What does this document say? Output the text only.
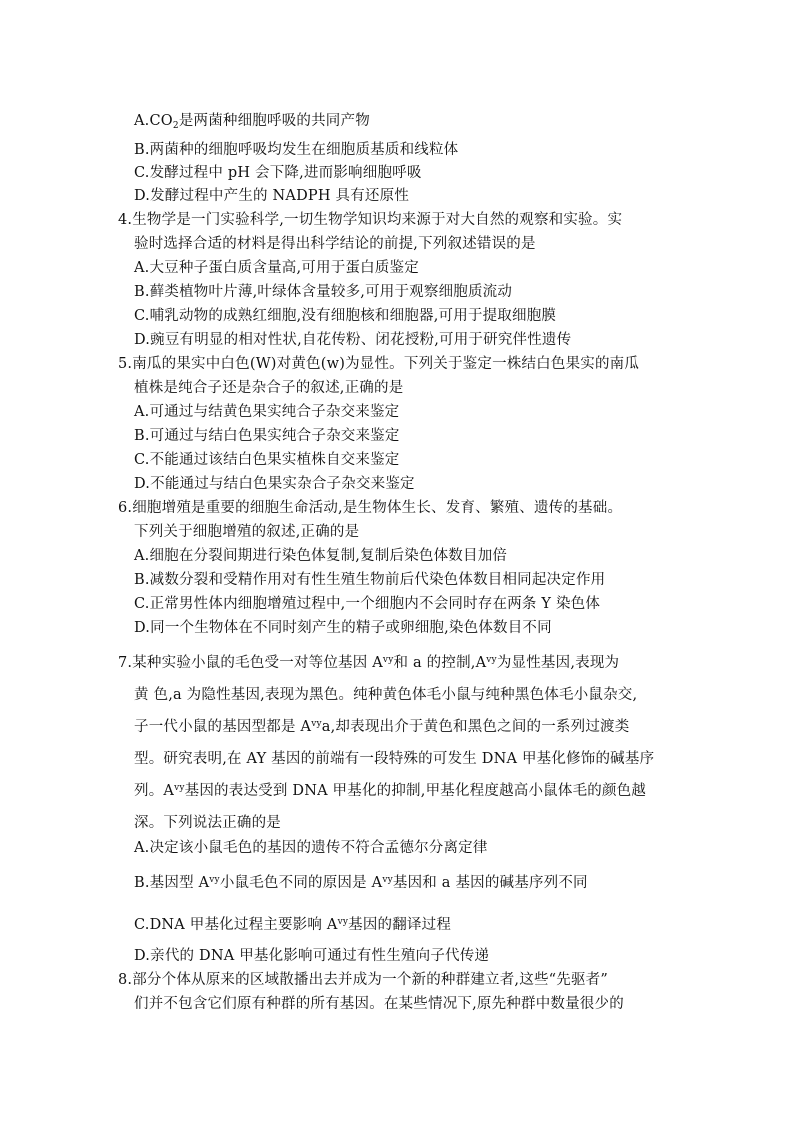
$A.CO_2$是两菌种细胞呼吸的共同产物
B.两菌种的细胞呼吸均发生在细胞质基质和线粒体
C.发酵过程中 pH 会下降,进而影响细胞呼吸
D.发酵过程中产生的 NADPH 具有还原性
4.生物学是一门实验科学,一切生物学知识均来源于对大自然的观察和实验。实
验时选择合适的材料是得出科学结论的前提,下列叙述错误的是
A.大豆种子蛋白质含量高,可用于蛋白质鉴定
B.藓类植物叶片薄,叶绿体含量较多,可用于观察细胞质流动
C.哺乳动物的成熟红细胞,没有细胞核和细胞器,可用于提取细胞膜
D.豌豆有明显的相对性状,自花传粉、闭花授粉,可用于研究伴性遗传
5.南瓜的果实中白色(W)对黄色(w)为显性。下列关于鉴定一株结白色果实的南瓜
植株是纯合子还是杂合子的叙述,正确的是
A.可通过与结黄色果实纯合子杂交来鉴定
B.可通过与结白色果实纯合子杂交来鉴定
C.不能通过该结白色果实植株自交来鉴定
D.不能通过与结白色果实杂合子杂交来鉴定
6.细胞增殖是重要的细胞生命活动,是生物体生长、发育、繁殖、遗传的基础。
下列关于细胞增殖的叙述,正确的是
A.细胞在分裂间期进行染色体复制,复制后染色体数目加倍
B.减数分裂和受精作用对有性生殖生物前后代染色体数目相同起决定作用
C.正常男性体内细胞增殖过程中,一个细胞内不会同时存在两条 Y 染色体
D.同一个生物体在不同时刻产生的精子或卵细胞,染色体数目不同
7.某种实验小鼠的毛色受一对等位基因 $A^{vy}$和 a 的控制$,A^{vy}$为显性基因,表现为
黄 色,a 为隐性基因,表现为黑色。纯种黄色体毛小鼠与纯种黑色体毛小鼠杂交,
子一代小鼠的基因型都是 $A^{vy}a$,却表现出介于黄色和黑色之间的一系列过渡类
型。研究表明,在 AY 基因的前端有一段特殊的可发生 DNA 甲基化修饰的碱基序
列。$A^{vy}$基因的表达受到 DNA 甲基化的抑制,甲基化程度越高小鼠体毛的颜色越
深。下列说法正确的是
A.决定该小鼠毛色的基因的遗传不符合孟德尔分离定律
B.基因型 $A^{vy}$小鼠毛色不同的原因是 $A^{vy}$基因和 a 基因的碱基序列不同
C.DNA 甲基化过程主要影响 $A^{vy}$基因的翻译过程
D.亲代的 DNA 甲基化影响可通过有性生殖向子代传递
8.部分个体从原来的区域散播出去并成为一个新的种群建立者,这些“先驱者”
们并不包含它们原有种群的所有基因。在某些情况下,原先种群中数量很少的
